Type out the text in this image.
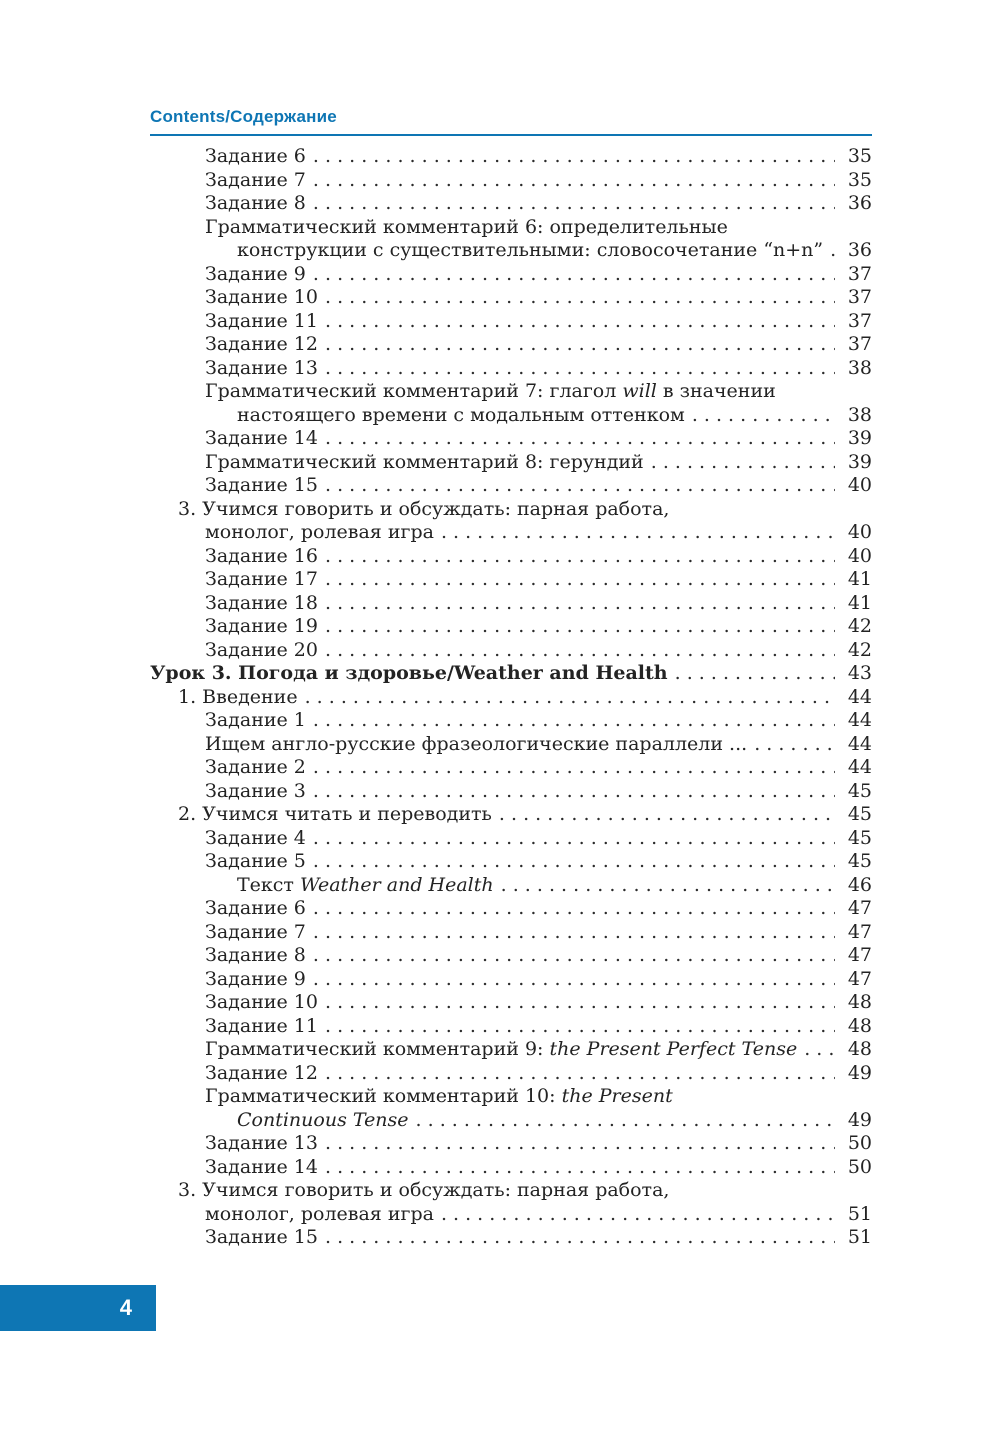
Contents/Содержание
Задание 6 . . .	35
Задание 7 . . .	35
Задание 8 . . .	36
Грамматический комментарий 6: определительные
конструкции с существительными: словосочетание “n+n” . . .	36
Задание 9 . . .	37
Задание 10 . . .	37
Задание 11 . . .	37
Задание 12 . . .	37
Задание 13 . . .	38
Грамматический комментарий 7: глагол will в значении
настоящего времени с модальным оттенком . . .	38
Задание 14 . . .	39
Грамматический комментарий 8: герундий . . .	39
Задание 15 . . .	40
3. Учимся говорить и обсуждать: парная работа,
монолог, ролевая игра . . .	40
Задание 16 . . .	40
Задание 17 . . .	41
Задание 18 . . .	41
Задание 19 . . .	42
Задание 20 . . .	42
Урок 3. Погода и здоровье/Weather and Health . . .	43
1. Введение . . .	44
Задание 1 . . .	44
Ищем англо-русские фразеологические параллели ... . . .	44
Задание 2 . . .	44
Задание 3 . . .	45
2. Учимся читать и переводить . . .	45
Задание 4 . . .	45
Задание 5 . . .	45
Текст Weather and Health . . .	46
Задание 6 . . .	47
Задание 7 . . .	47
Задание 8 . . .	47
Задание 9 . . .	47
Задание 10 . . .	48
Задание 11 . . .	48
Грамматический комментарий 9: the Present Perfect Tense . . .	48
Задание 12 . . .	49
Грамматический комментарий 10: the Present
Continuous Tense . . .	49
Задание 13 . . .	50
Задание 14 . . .	50
3. Учимся говорить и обсуждать: парная работа,
монолог, ролевая игра . . .	51
Задание 15 . . .	51
4
